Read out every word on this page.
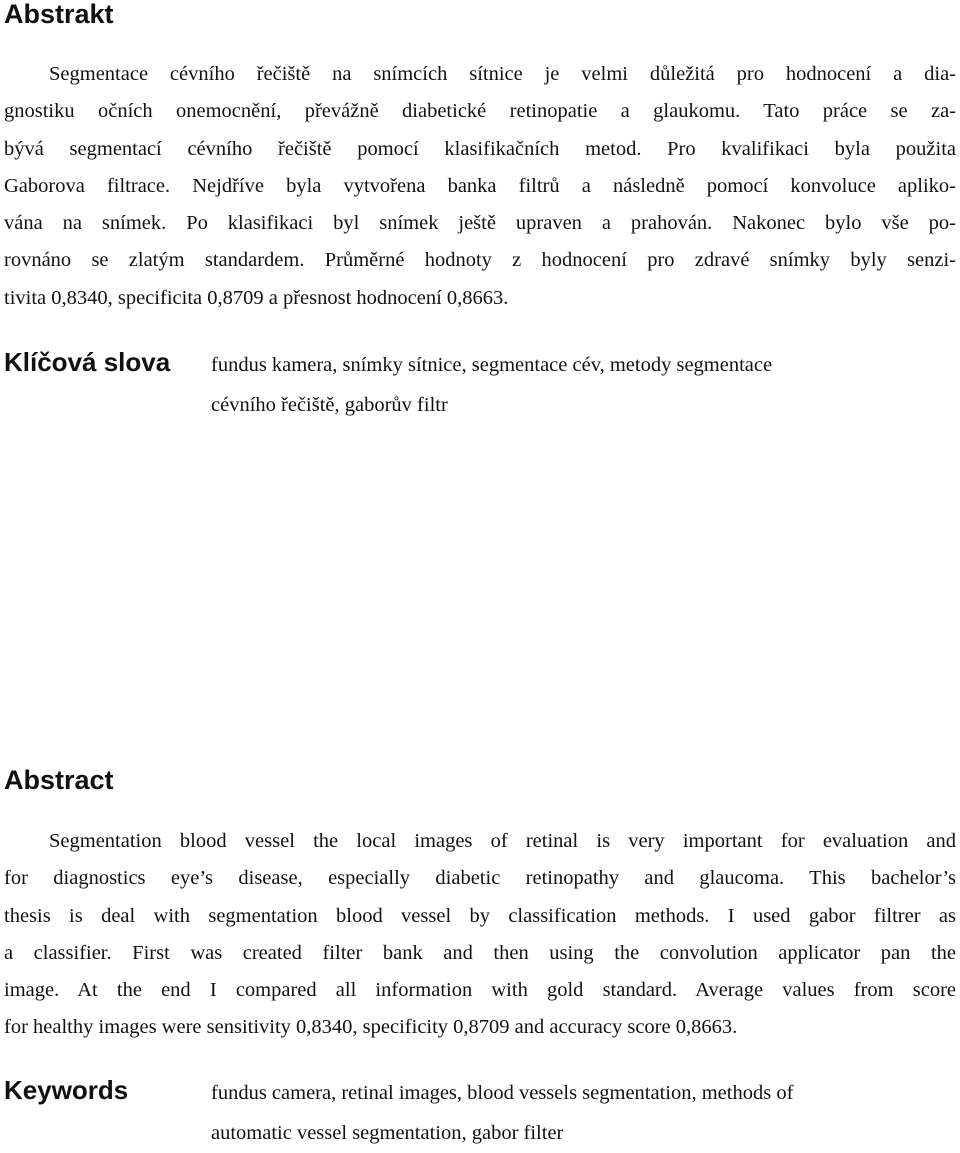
Abstrakt
Segmentace cévního řečiště na snímcích sítnice je velmi důležitá pro hodnocení a dia-
gnostiku očních onemocnění, převážně diabetické retinopatie a glaukomu. Tato práce se za-
bývá segmentací cévního řečiště pomocí klasifikačních metod. Pro kvalifikaci byla použita
Gaborova filtrace. Nejdříve byla vytvořena banka filtrů a následně pomocí konvoluce apliko-
vána na snímek. Po klasifikaci byl snímek ještě upraven a prahován. Nakonec bylo vše po-
rovnáno se zlatým standardem. Průměrné hodnoty z hodnocení pro zdravé snímky byly senzi-
tivita 0,8340, specificita 0,8709 a přesnost hodnocení 0,8663.
Klíčová slova fundus kamera, snímky sítnice, segmentace cév, metody segmentace
cévního řečiště, gaborův filtr
Abstract
Segmentation blood vessel the local images of retinal is very important for evaluation and
for diagnostics eye’s disease, especially diabetic retinopathy and glaucoma. This bachelor’s
thesis is deal with segmentation blood vessel by classification methods. I used gabor filtrer as
a classifier. First was created filter bank and then using the convolution applicator pan the
image. At the end I compared all information with gold standard. Average values from score
for healthy images were sensitivity 0,8340, specificity 0,8709 and accuracy score 0,8663.
Keywords	fundus camera, retinal images, blood vessels segmentation, methods of
automatic vessel segmentation, gabor filter
